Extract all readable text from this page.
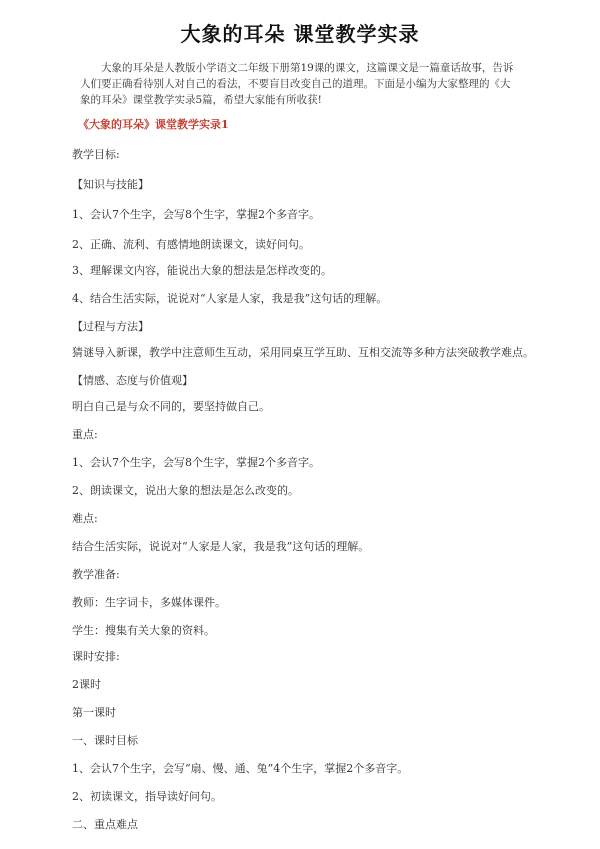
大象的耳朵 课堂教学实录
大象的耳朵是人教版小学语文二年级下册第19课的课文，这篇课文是一篇童话故事，告诉人们要正确看待别人对自己的看法，不要盲目改变自己的道理。下面是小编为大家整理的《大象的耳朵》课堂教学实录5篇，希望大家能有所收获!
《大象的耳朵》课堂教学实录1
教学目标:
【知识与技能】
1、会认7个生字，会写8个生字，掌握2个多音字。
2、正确、流利、有感情地朗读课文，读好问句。
3、理解课文内容，能说出大象的想法是怎样改变的。
4、结合生活实际，说说对“人家是人家，我是我”这句话的理解。
【过程与方法】
猜谜导入新课，教学中注意师生互动，采用同桌互学互助、互相交流等多种方法突破教学难点。
【情感、态度与价值观】
明白自己是与众不同的，要坚持做自己。
重点:
1、会认7个生字，会写8个生字，掌握2个多音字。
2、朗读课文，说出大象的想法是怎么改变的。
难点:
结合生活实际，说说对“人家是人家，我是我”这句话的理解。
教学准备:
教师：生字词卡，多媒体课件。
学生：搜集有关大象的资料。
课时安排:
2课时
第一课时
一、课时目标
1、会认7个生字，会写“扇、慢、通、兔”4个生字，掌握2个多音字。
2、初读课文，指导读好问句。
二、重点难点
